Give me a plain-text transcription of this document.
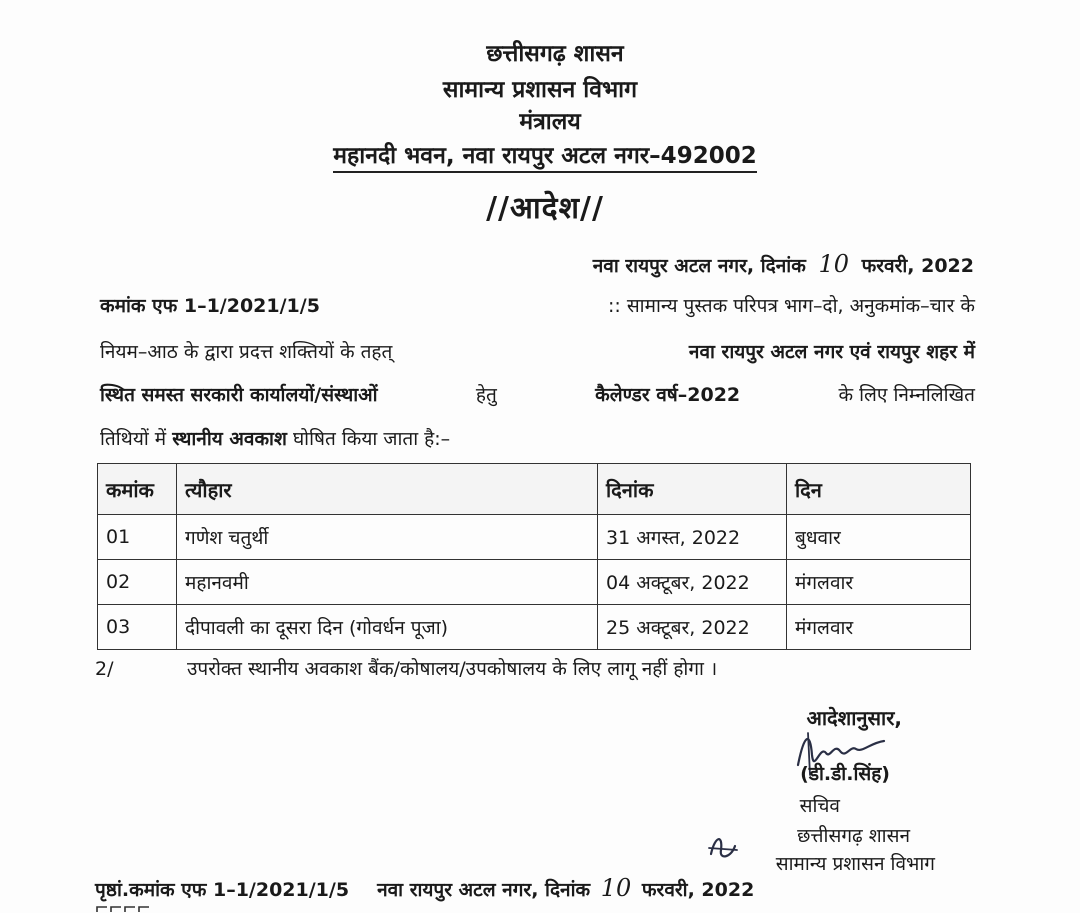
छत्तीसगढ़ शासन
सामान्य प्रशासन विभाग
मंत्रालय
महानदी भवन, नवा रायपुर अटल नगर–492002
//आदेश//
नवा रायपुर अटल नगर, दिनांक 10 फरवरी, 2022
कमांक एफ 1–1/2021/1/5	:: सामान्य पुस्तक परिपत्र भाग–दो, अनुकमांक–चार के
नियम–आठ के द्वारा प्रदत्त शक्तियों के तहत्	नवा रायपुर अटल नगर एवं रायपुर शहर में
स्थित समस्त सरकारी कार्यालयों/संस्थाओं	हेतु	कैलेण्डर वर्ष–2022	के लिए निम्नलिखित
तिथियों में
स्थानीय अवकाश
घोषित किया जाता है:–
कमांक	त्यौहार	दिनांक	दिन
01	गणेश चतुर्थी	31 अगस्त, 2022	बुधवार
02	महानवमी	04 अक्टूबर, 2022	मंगलवार
03	दीपावली का दूसरा दिन (गोवर्धन पूजा)	25 अक्टूबर, 2022	मंगलवार
2/	उपरोक्त स्थानीय अवकाश बैंक/कोषालय/उपकोषालय के लिए लागू नहीं होगा ।
आदेशानुसार,
(डी.डी.सिंह)
सचिव
छत्तीसगढ़ शासन
सामान्य प्रशासन विभाग
पृष्ठां.कमांक एफ 1–1/2021/1/5 नवा रायपुर अटल नगर, दिनांक 10 फरवरी, 2022
